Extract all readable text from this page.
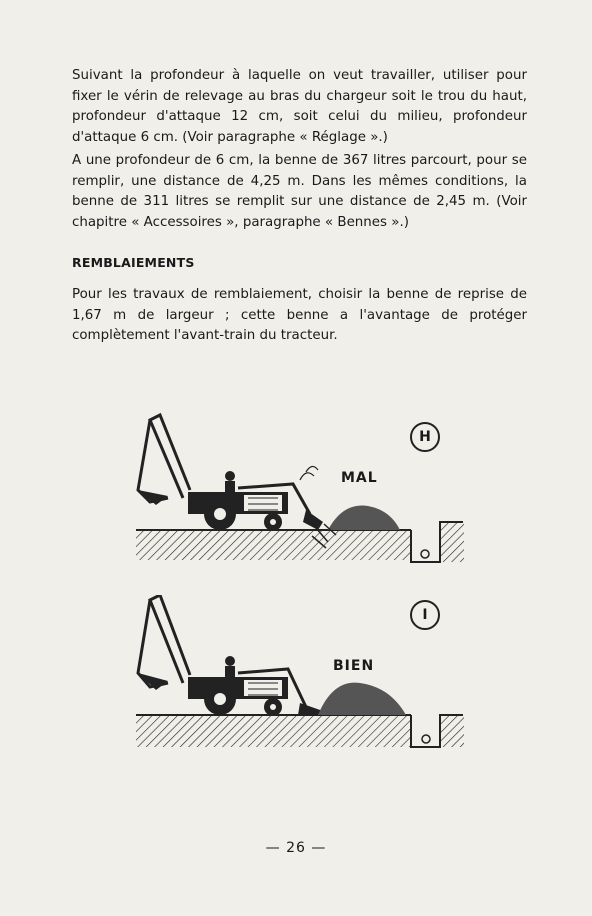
Suivant la profondeur à laquelle on veut travailler, utiliser pour fixer le vérin de relevage au bras du chargeur soit le trou du haut, profondeur d'attaque 12 cm, soit celui du milieu, profondeur d'attaque 6 cm. (Voir paragraphe « Réglage ».)

A une profondeur de 6 cm, la benne de 367 litres parcourt, pour se remplir, une distance de 4,25 m. Dans les mêmes conditions, la benne de 311 litres se remplit sur une distance de 2,45 m. (Voir chapitre « Accessoires », paragraphe « Bennes ».)

REMBLAIEMENTS

Pour les travaux de remblaiement, choisir la benne de reprise de 1,67 m de largeur ; cette benne a l'avantage de protéger complètement l'avant-train du tracteur.

MAL
H
BIEN
I
— 26 —
